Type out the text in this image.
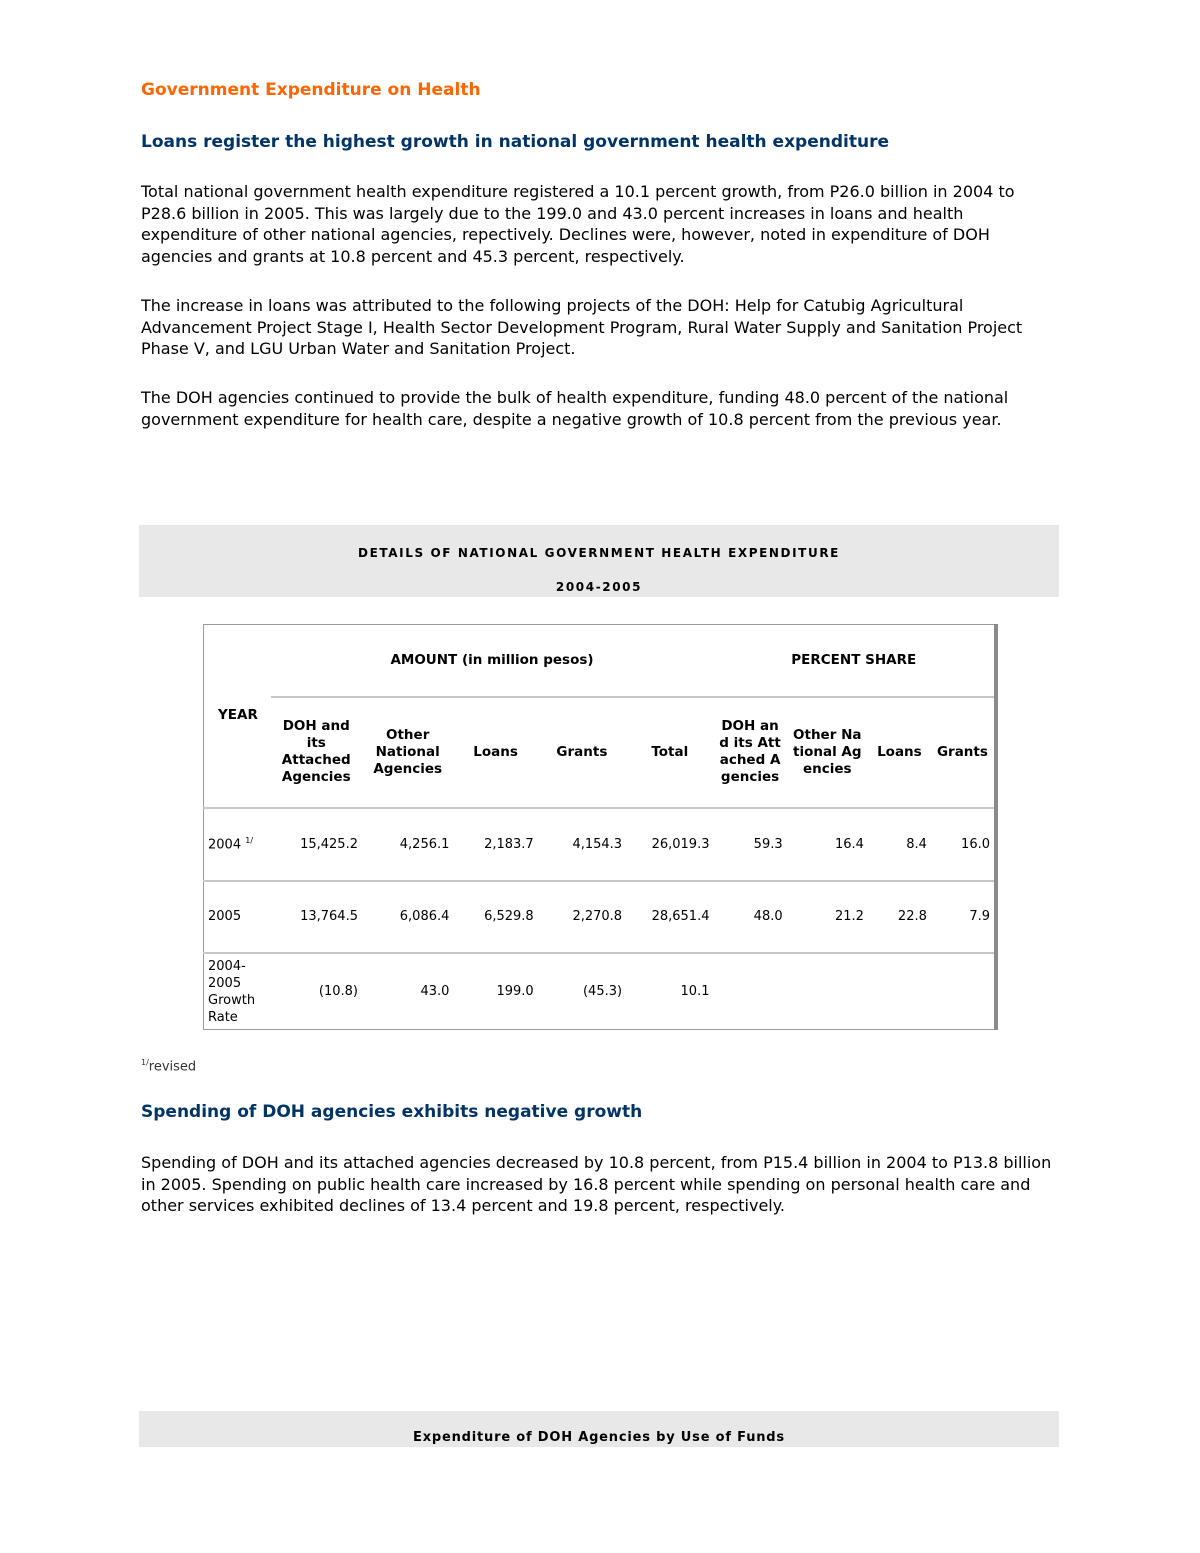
Government Expenditure on Health
Loans register the highest growth in national government health expenditure

Total national government health expenditure registered a 10.1 percent growth, from P26.0 billion in 2004 to P28.6 billion in 2005. This was largely due to the 199.0 and 43.0 percent increases in loans and health expenditure of other national agencies, repectively. Declines were, however, noted in expenditure of DOH agencies and grants at 10.8 percent and 45.3 percent, respectively.

The increase in loans was attributed to the following projects of the DOH: Help for Catubig Agricultural Advancement Project Stage I, Health Sector Development Program, Rural Water Supply and Sanitation Project Phase V, and LGU Urban Water and Sanitation Project.

The DOH agencies continued to provide the bulk of health expenditure, funding 48.0 percent of the national government expenditure for health care, despite a negative growth of 10.8 percent from the previous year.

DETAILS OF NATIONAL GOVERNMENT HEALTH EXPENDITURE
2004-2005
YEAR	AMOUNT (in million pesos)					PERCENT SHARE			
	DOH and its Attached Agencies	Other National Agencies	Loans	Grants	Total	DOH and its Attached Agencies	Other National Agencies	Loans	Grants
2004 $^{1/}$	15,425.2	4,256.1	2,183.7	4,154.3	26,019.3	59.3	16.4	8.4	16.0
2005	13,764.5	6,086.4	6,529.8	2,270.8	28,651.4	48.0	21.2	22.8	7.9
2004-2005 Growth Rate	(10.8)	43.0	199.0	(45.3)	10.1				
$^{1/}$revised
Spending of DOH agencies exhibits negative growth

Spending of DOH and its attached agencies decreased by 10.8 percent, from P15.4 billion in 2004 to P13.8 billion in 2005. Spending on public health care increased by 16.8 percent while spending on personal health care and other services exhibited declines of 13.4 percent and 19.8 percent, respectively.

Expenditure of DOH Agencies by Use of Funds
